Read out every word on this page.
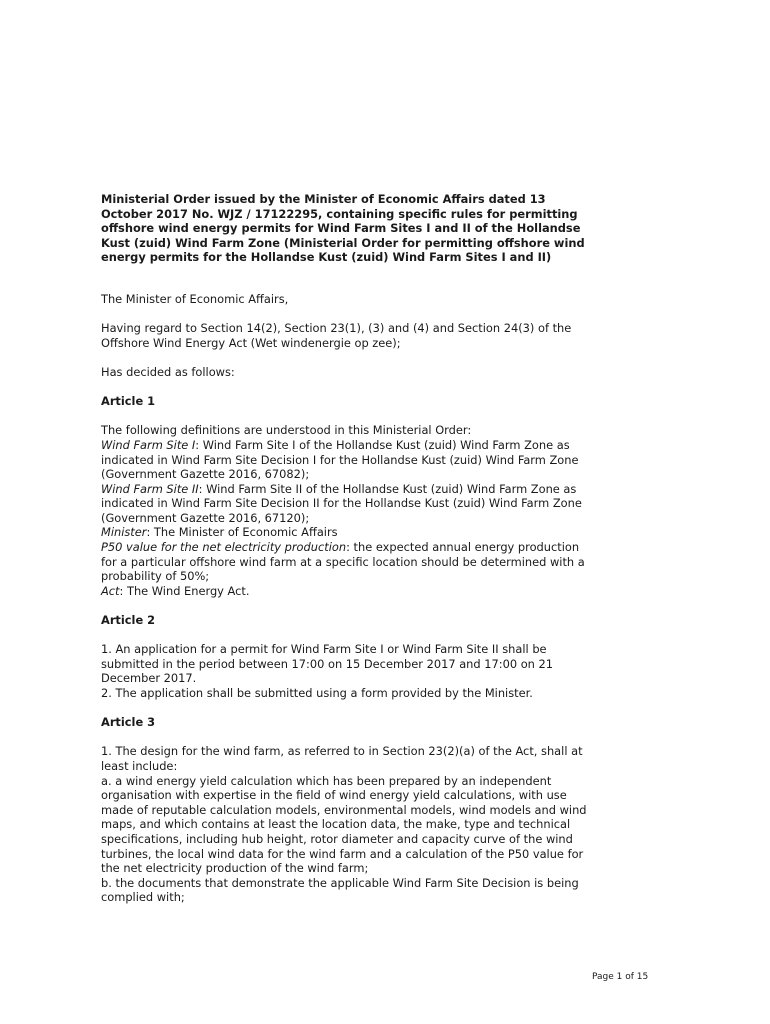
Ministerial Order issued by the Minister of Economic Affairs dated 13 October 2017 No. WJZ / 17122295, containing specific rules for permitting offshore wind energy permits for Wind Farm Sites I and II of the Hollandse Kust (zuid) Wind Farm Zone (Ministerial Order for permitting offshore wind energy permits for the Hollandse Kust (zuid) Wind Farm Sites I and II)

The Minister of Economic Affairs,

Having regard to Section 14(2), Section 23(1), (3) and (4) and Section 24(3) of the Offshore Wind Energy Act (Wet windenergie op zee);

Has decided as follows:

Article 1

The following definitions are understood in this Ministerial Order:
Wind Farm Site I: Wind Farm Site I of the Hollandse Kust (zuid) Wind Farm Zone as indicated in Wind Farm Site Decision I for the Hollandse Kust (zuid) Wind Farm Zone (Government Gazette 2016, 67082);
Wind Farm Site II: Wind Farm Site II of the Hollandse Kust (zuid) Wind Farm Zone as indicated in Wind Farm Site Decision II for the Hollandse Kust (zuid) Wind Farm Zone (Government Gazette 2016, 67120);
Minister: The Minister of Economic Affairs
P50 value for the net electricity production: the expected annual energy production for a particular offshore wind farm at a specific location should be determined with a probability of 50%;
Act: The Wind Energy Act.

Article 2

1. An application for a permit for Wind Farm Site I or Wind Farm Site II shall be submitted in the period between 17:00 on 15 December 2017 and 17:00 on 21 December 2017.
2. The application shall be submitted using a form provided by the Minister.

Article 3

1. The design for the wind farm, as referred to in Section 23(2)(a) of the Act, shall at least include:
a. a wind energy yield calculation which has been prepared by an independent organisation with expertise in the field of wind energy yield calculations, with use made of reputable calculation models, environmental models, wind models and wind maps, and which contains at least the location data, the make, type and technical specifications, including hub height, rotor diameter and capacity curve of the wind turbines, the local wind data for the wind farm and a calculation of the P50 value for the net electricity production of the wind farm;
b. the documents that demonstrate the applicable Wind Farm Site Decision is being complied with;

Page 1 of 15
